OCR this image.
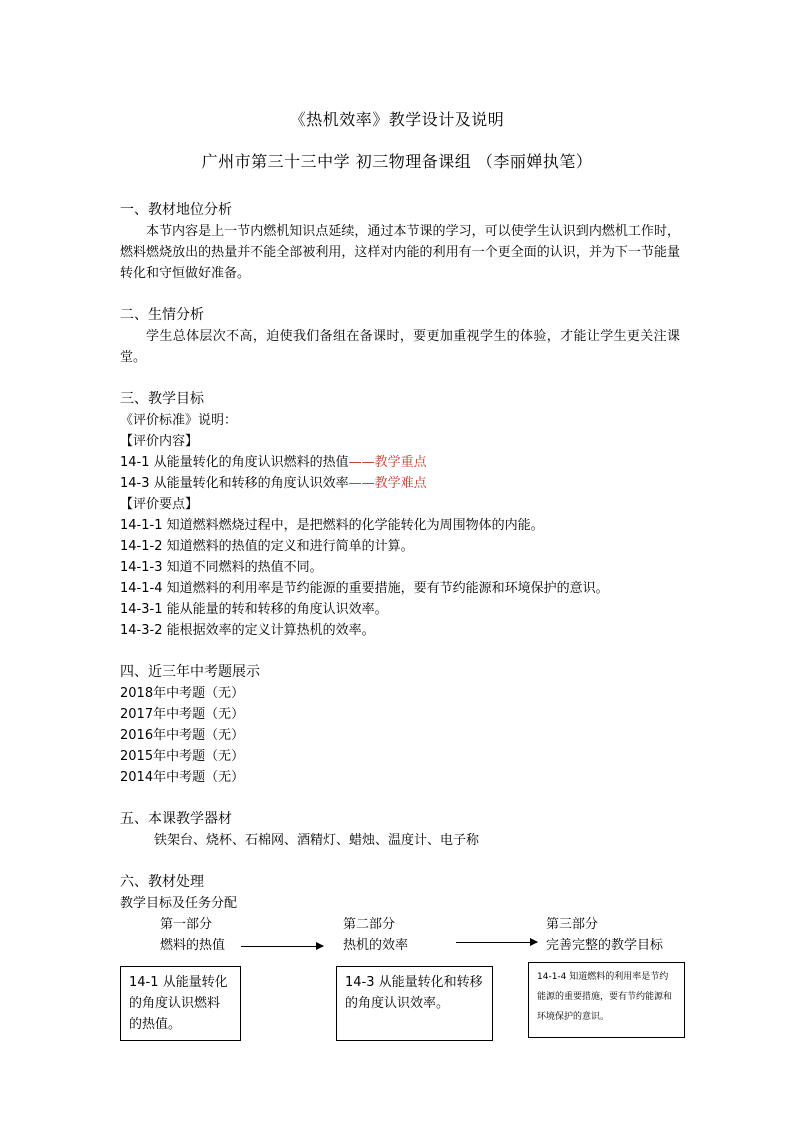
《热机效率》教学设计及说明
广州市第三十三中学 初三物理备课组 （李丽婵执笔）
一、教材地位分析
本节内容是上一节内燃机知识点延续，通过本节课的学习，可以使学生认识到内燃机工作时，燃料燃烧放出的热量并不能全部被利用，这样对内能的利用有一个更全面的认识，并为下一节能量转化和守恒做好准备。
二、生情分析
学生总体层次不高，迫使我们备组在备课时，要更加重视学生的体验，才能让学生更关注课堂。
三、教学目标
《评价标准》说明：
【评价内容】
14-1 从能量转化的角度认识燃料的热值——教学重点
14-3 从能量转化和转移的角度认识效率——教学难点
【评价要点】
14-1-1 知道燃料燃烧过程中，是把燃料的化学能转化为周围物体的内能。
14-1-2 知道燃料的热值的定义和进行简单的计算。
14-1-3 知道不同燃料的热值不同。
14-1-4 知道燃料的利用率是节约能源的重要措施，要有节约能源和环境保护的意识。
14-3-1 能从能量的转和转移的角度认识效率。
14-3-2 能根据效率的定义计算热机的效率。
四、近三年中考题展示
2018年中考题（无）
2017年中考题（无）
2016年中考题（无）
2015年中考题（无）
2014年中考题（无）
五、本课教学器材
铁架台、烧杯、石棉网、酒精灯、蜡烛、温度计、电子称
六、教材处理
教学目标及任务分配
第一部分
燃料的热值
第二部分
热机的效率
第三部分
完善完整的教学目标
14-1 从能量转化的角度认识燃料的热值。
14-3 从能量转化和转移的角度认识效率。
14-1-4 知道燃料的利用率是节约能源的重要措施，要有节约能源和环境保护的意识。
